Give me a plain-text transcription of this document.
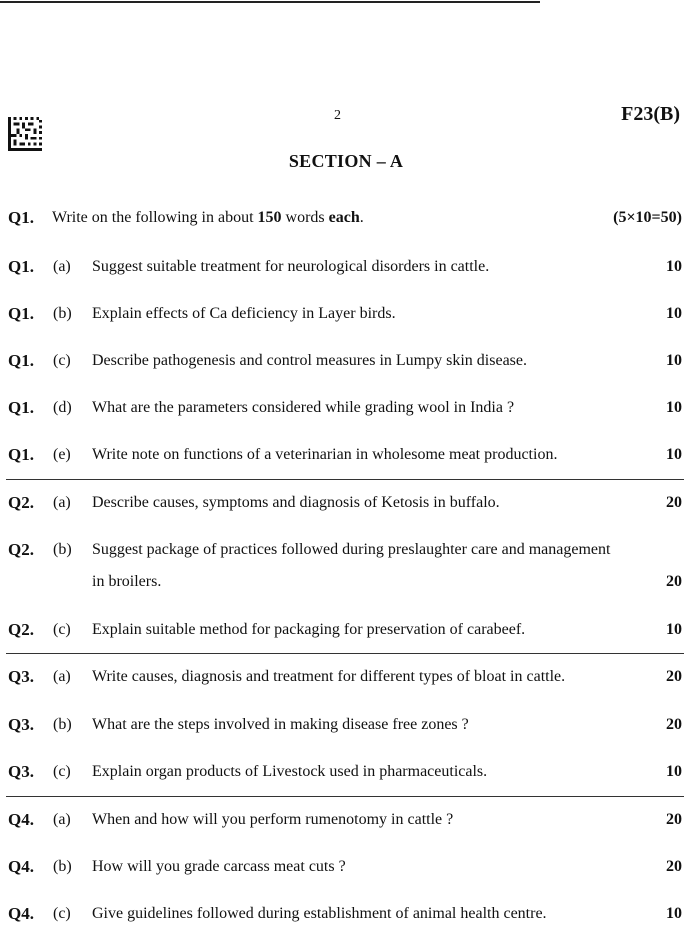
2	F23(B)
SECTION – A
Q1. Write on the following in about 150 words each.	(5×10=50)
Q1. (a) Suggest suitable treatment for neurological disorders in cattle.	10
Q1. (b) Explain effects of Ca deficiency in Layer birds.	10
Q1. (c) Describe pathogenesis and control measures in Lumpy skin disease.	10
Q1. (d) What are the parameters considered while grading wool in India ?	10
Q1. (e) Write note on functions of a veterinarian in wholesome meat production.	10
Q2. (a) Describe causes, symptoms and diagnosis of Ketosis in buffalo.	20
Q2. (b) Suggest package of practices followed during preslaughter care and management
in broilers.	20
Q2. (c) Explain suitable method for packaging for preservation of carabeef.	10
Q3. (a) Write causes, diagnosis and treatment for different types of bloat in cattle.	20
Q3. (b) What are the steps involved in making disease free zones ?	20
Q3. (c) Explain organ products of Livestock used in pharmaceuticals.	10
Q4. (a) When and how will you perform rumenotomy in cattle ?	20
Q4. (b) How will you grade carcass meat cuts ?	20
Q4. (c) Give guidelines followed during establishment of animal health centre.	10
